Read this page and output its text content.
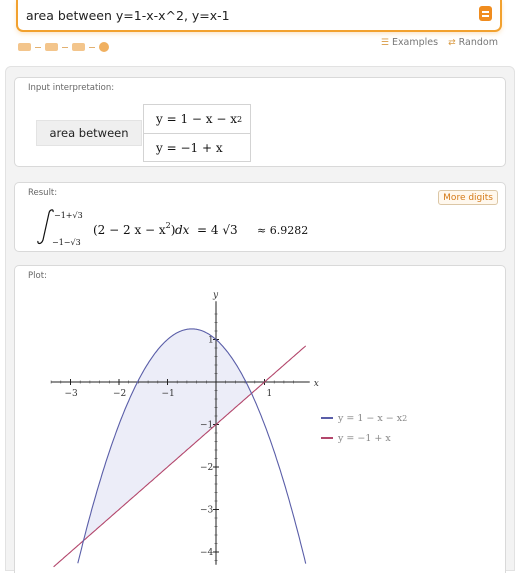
area between y=1-x-x^2, y=x-1
☰ Examples ⇄ Random
Input interpretation:
area between
y = 1 − x − x 2
y = −1 + x
Result:	More digits
−1+√3
−1−√3
(2 − 2 $x - x^2$) dx = 4 √3 ≈ 6.9282
Plot:
−3	−2	−1	1
1
−1
−2
−3
−4
x
y
y = 1 − x − x 2
y = −1 + x
